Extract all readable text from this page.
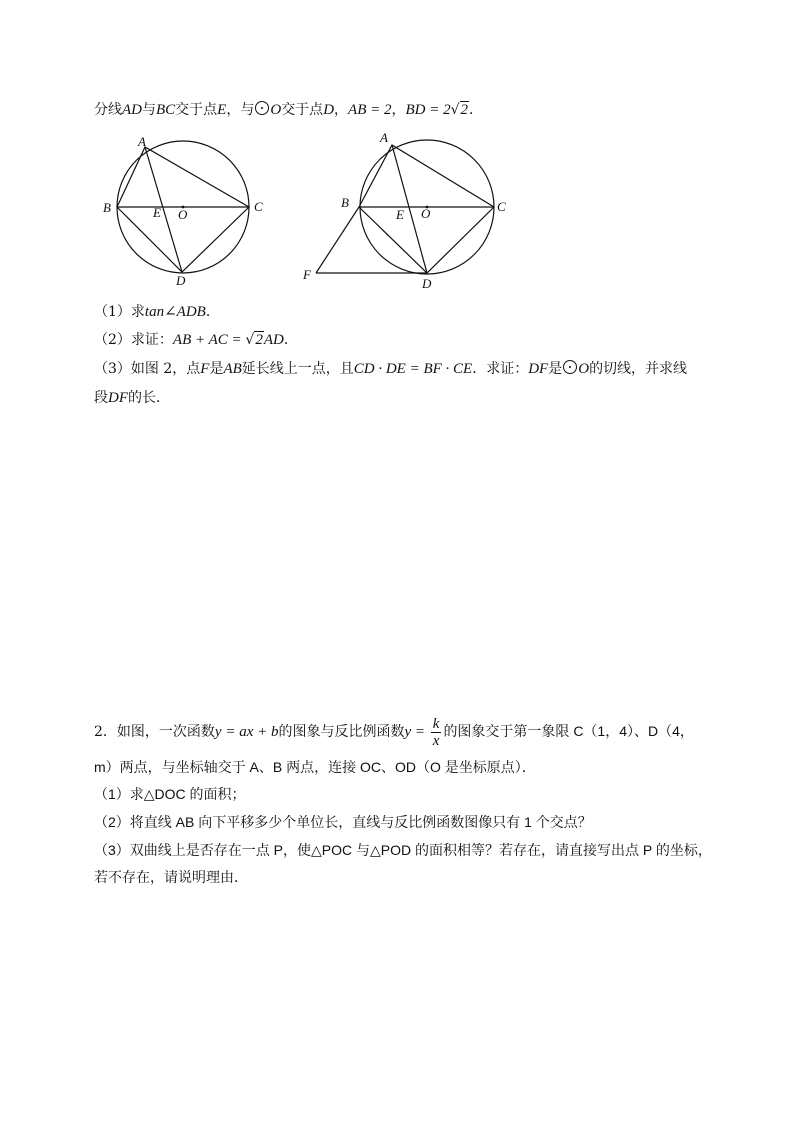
分线AD与BC交于点E，与 O交于点D，AB = 2，BD = 2√2．
A
B	C
D
E O
A
B	C
D
E O
F
（1）求tan∠ADB．
（2）求证：AB + AC = √2AD．
（3）如图 2，点F是AB延长线上一点，且CD · DE = BF · CE．求证：DF是 O的切线，并求线
段DF的长．
2．如图，一次函数y = ax + b的图象与反比例函数$y = \frac{k}{x}$ 的图象交于第一象限 C（1，4）、D（4，
m）两点，与坐标轴交于 A、B 两点，连接 OC、OD（O 是坐标原点）．
（1）求△DOC 的面积；
（2）将直线 AB 向下平移多少个单位长，直线与反比例函数图像只有 1 个交点？
（3）双曲线上是否存在一点 P，使△POC 与△POD 的面积相等？若存在，请直接写出点 P 的坐标，
若不存在，请说明理由．
